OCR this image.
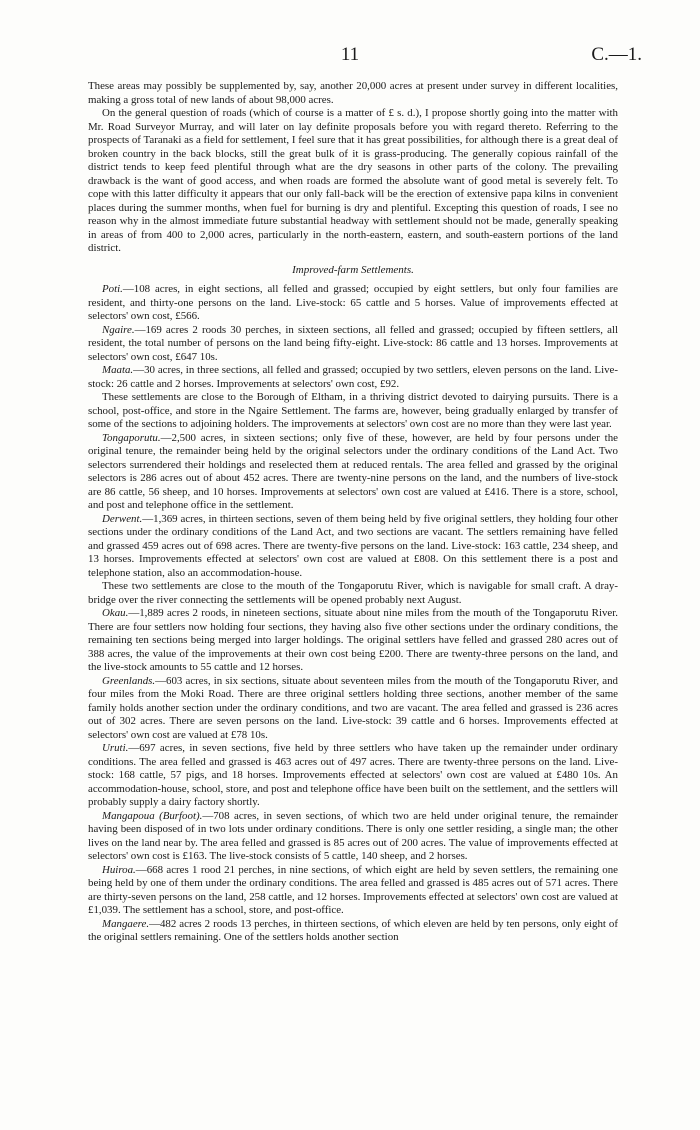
11	C.—1.

These areas may possibly be supplemented by, say, another 20,000 acres at present under survey in different localities, making a gross total of new lands of about 98,000 acres.

On the general question of roads (which of course is a matter of £ s. d.), I propose shortly going into the matter with Mr. Road Surveyor Murray, and will later on lay definite proposals before you with regard thereto. Referring to the prospects of Taranaki as a field for settlement, I feel sure that it has great possibilities, for although there is a great deal of broken country in the back blocks, still the great bulk of it is grass-producing. The generally copious rainfall of the district tends to keep feed plentiful through what are the dry seasons in other parts of the colony. The prevailing drawback is the want of good access, and when roads are formed the absolute want of good metal is severely felt. To cope with this latter difficulty it appears that our only fall-back will be the erection of extensive papa kilns in convenient places during the summer months, when fuel for burning is dry and plentiful. Excepting this question of roads, I see no reason why in the almost immediate future substantial headway with settlement should not be made, generally speaking in areas of from 400 to 2,000 acres, particularly in the north-eastern, eastern, and south-eastern portions of the land district.

Improved-farm Settlements.

Poti.—108 acres, in eight sections, all felled and grassed; occupied by eight settlers, but only four families are resident, and thirty-one persons on the land. Live-stock: 65 cattle and 5 horses. Value of improvements effected at selectors' own cost, £566.

Ngaire.—169 acres 2 roods 30 perches, in sixteen sections, all felled and grassed; occupied by fifteen settlers, all resident, the total number of persons on the land being fifty-eight. Live-stock: 86 cattle and 13 horses. Improvements at selectors' own cost, £647 10s.

Maata.—30 acres, in three sections, all felled and grassed; occupied by two settlers, eleven persons on the land. Live-stock: 26 cattle and 2 horses. Improvements at selectors' own cost, £92.

These settlements are close to the Borough of Eltham, in a thriving district devoted to dairying pursuits. There is a school, post-office, and store in the Ngaire Settlement. The farms are, however, being gradually enlarged by transfer of some of the sections to adjoining holders. The improvements at selectors' own cost are no more than they were last year.

Tongaporutu.—2,500 acres, in sixteen sections; only five of these, however, are held by four persons under the original tenure, the remainder being held by the original selectors under the ordinary conditions of the Land Act. Two selectors surrendered their holdings and reselected them at reduced rentals. The area felled and grassed by the original selectors is 286 acres out of about 452 acres. There are twenty-nine persons on the land, and the numbers of live-stock are 86 cattle, 56 sheep, and 10 horses. Improvements at selectors' own cost are valued at £416. There is a store, school, and post and telephone office in the settlement.

Derwent.—1,369 acres, in thirteen sections, seven of them being held by five original settlers, they holding four other sections under the ordinary conditions of the Land Act, and two sections are vacant. The settlers remaining have felled and grassed 459 acres out of 698 acres. There are twenty-five persons on the land. Live-stock: 163 cattle, 234 sheep, and 13 horses. Improvements effected at selectors' own cost are valued at £808. On this settlement there is a post and telephone station, also an accommodation-house.

These two settlements are close to the mouth of the Tongaporutu River, which is navigable for small craft. A dray-bridge over the river connecting the settlements will be opened probably next August.

Okau.—1,889 acres 2 roods, in nineteen sections, situate about nine miles from the mouth of the Tongaporutu River. There are four settlers now holding four sections, they having also five other sections under the ordinary conditions, the remaining ten sections being merged into larger holdings. The original settlers have felled and grassed 280 acres out of 388 acres, the value of the improvements at their own cost being £200. There are twenty-three persons on the land, and the live-stock amounts to 55 cattle and 12 horses.

Greenlands.—603 acres, in six sections, situate about seventeen miles from the mouth of the Tongaporutu River, and four miles from the Moki Road. There are three original settlers holding three sections, another member of the same family holds another section under the ordinary conditions, and two are vacant. The area felled and grassed is 236 acres out of 302 acres. There are seven persons on the land. Live-stock: 39 cattle and 6 horses. Improvements effected at selectors' own cost are valued at £78 10s.

Uruti.—697 acres, in seven sections, five held by three settlers who have taken up the remainder under ordinary conditions. The area felled and grassed is 463 acres out of 497 acres. There are twenty-three persons on the land. Live-stock: 168 cattle, 57 pigs, and 18 horses. Improvements effected at selectors' own cost are valued at £480 10s. An accommodation-house, school, store, and post and telephone office have been built on the settlement, and the settlers will probably supply a dairy factory shortly.

Mangapoua (Burfoot).—708 acres, in seven sections, of which two are held under original tenure, the remainder having been disposed of in two lots under ordinary conditions. There is only one settler residing, a single man; the other lives on the land near by. The area felled and grassed is 85 acres out of 200 acres. The value of improvements effected at selectors' own cost is £163. The live-stock consists of 5 cattle, 140 sheep, and 2 horses.

Huiroa.—668 acres 1 rood 21 perches, in nine sections, of which eight are held by seven settlers, the remaining one being held by one of them under the ordinary conditions. The area felled and grassed is 485 acres out of 571 acres. There are thirty-seven persons on the land, 258 cattle, and 12 horses. Improvements effected at selectors' own cost are valued at £1,039. The settlement has a school, store, and post-office.

Mangaere.—482 acres 2 roods 13 perches, in thirteen sections, of which eleven are held by ten persons, only eight of the original settlers remaining. One of the settlers holds another section
